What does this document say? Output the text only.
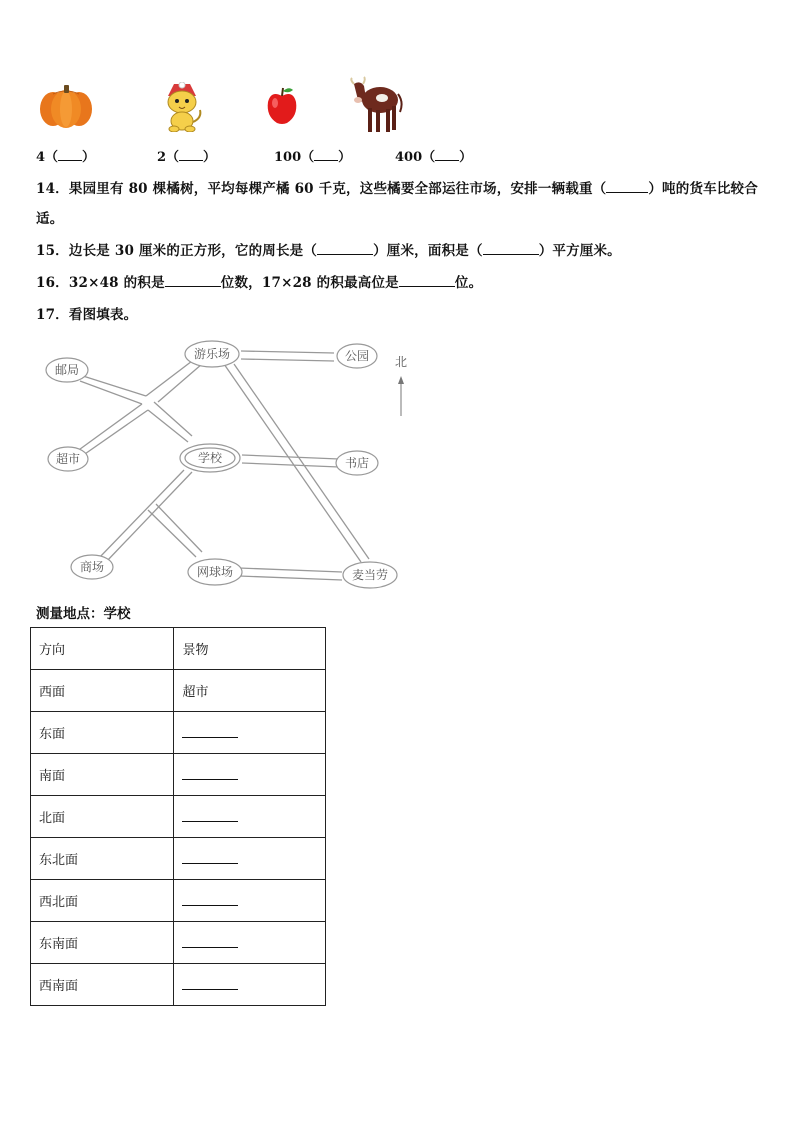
4（ ）	2（ ）	100（ ）	400（ ）
14．果园里有 80 棵橘树，平均每棵产橘 60 千克，这些橘要全部运往市场，安排一辆载重（	）吨的货车比较合
适。
15．边长是 30 厘米的正方形，它的周长是（	）厘米，面积是（	）平方厘米。
16．32×48 的积是	位数，17×28 的积最高位是	位。
17．看图填表。
邮局
游乐场	公园
超市	学校	书店
商场	网球场	麦当劳
北
测量地点：学校
方向	景物
西面	超市
东面	
南面	
北面	
东北面	
西北面	
东南面	
西南面	
